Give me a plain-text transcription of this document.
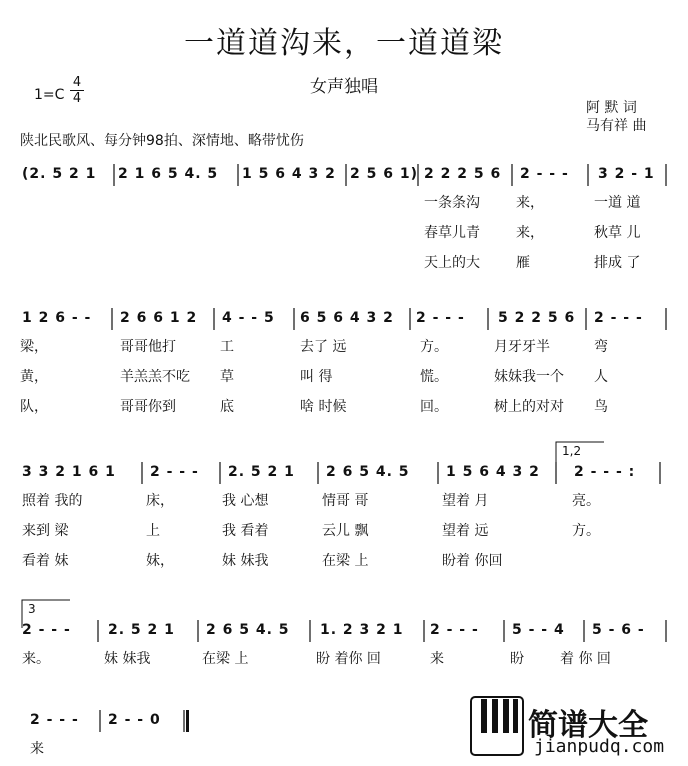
一道道沟来，一道道梁
女声独唱
1=C
4
4
阿 默 词
马有祥 曲
陕北民歌风、每分钟98拍、深情地、略带忧伤
(2. 5 2 1 2 1 6 5 4. 5 1 5 6 4 3 2 2 5 6 1) 2 2 2 5 6 2 - - - 3 2 - 1
一条条沟	来，	一道 道
春草儿青	来，	秋草 儿
天上的大	雁	排成 了
1 2 6 - - 2 6 6 1 2 4 - - 5 6 5 6 4 3 2 2 - - - 5 2 2 5 6 2 - - -
梁，	哥哥他打	工	去了 远	方。	月牙牙半	弯
黄，	羊羔羔不吃 草	叫 得	慌。	妹妹我一个 人
队，	哥哥你到	底	啥 时候	回。	树上的对对 鸟
3 3 2 1 6 1 2 - - - 2. 5 2 1 2 6 5 4. 5	1 5 6 4 3 2 2 - - - :
照着 我的	床，	我 心想	情哥 哥	望着 月	亮。
来到 梁	上	我 看着	云儿 飘	望着 远	方。
看着 妹	妹，	妹 妹我	在梁 上	盼着 你回
1,2
2 - - -	2. 5 2 1 2 6 5 4. 5 1. 2 3 2 1 2 - - - 5 - - 4 5 - 6 -
来。	妹 妹我	在梁 上	盼 着你 回	来	盼	着 你 回
3
2 - - - 2 - - 0
来
简谱大全
jianpudq.com
